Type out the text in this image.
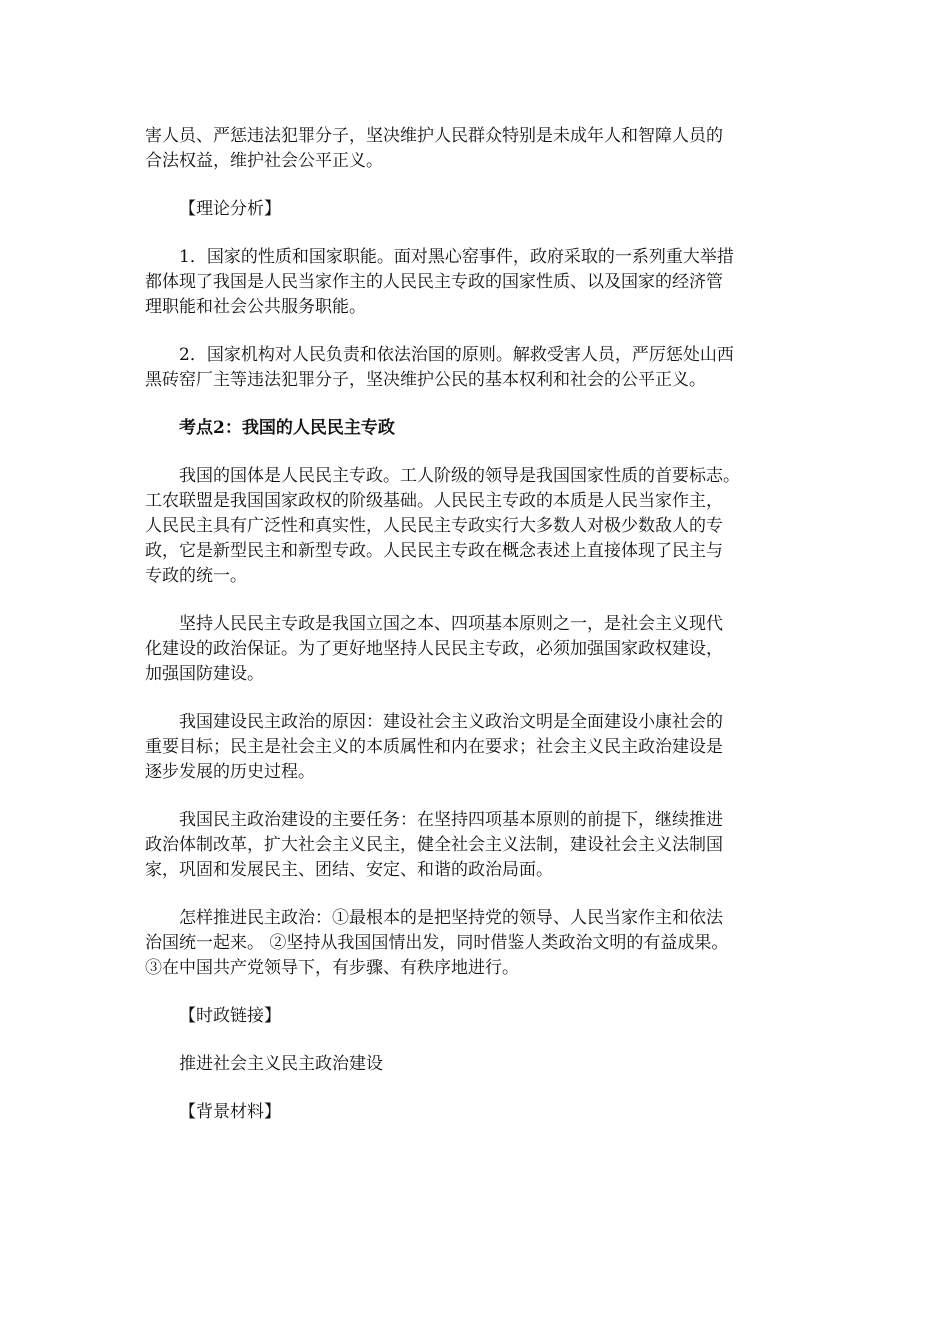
害人员、严惩违法犯罪分子，坚决维护人民群众特别是未成年人和智障人员的
合法权益，维护社会公平正义。
【理论分析】
1．国家的性质和国家职能。面对黑心窑事件，政府采取的一系列重大举措
都体现了我国是人民当家作主的人民民主专政的国家性质、以及国家的经济管
理职能和社会公共服务职能。
2．国家机构对人民负责和依法治国的原则。解救受害人员，严厉惩处山西
黑砖窑厂主等违法犯罪分子，坚决维护公民的基本权利和社会的公平正义。
考点2：我国的人民民主专政
我国的国体是人民民主专政。工人阶级的领导是我国国家性质的首要标志。
工农联盟是我国国家政权的阶级基础。人民民主专政的本质是人民当家作主，
人民民主具有广泛性和真实性，人民民主专政实行大多数人对极少数敌人的专
政，它是新型民主和新型专政。人民民主专政在概念表述上直接体现了民主与
专政的统一。
坚持人民民主专政是我国立国之本、四项基本原则之一，是社会主义现代
化建设的政治保证。为了更好地坚持人民民主专政，必须加强国家政权建设，
加强国防建设。
我国建设民主政治的原因：建设社会主义政治文明是全面建设小康社会的
重要目标；民主是社会主义的本质属性和内在要求；社会主义民主政治建设是
逐步发展的历史过程。
我国民主政治建设的主要任务：在坚持四项基本原则的前提下，继续推进
政治体制改革，扩大社会主义民主，健全社会主义法制，建设社会主义法制国
家，巩固和发展民主、团结、安定、和谐的政治局面。
怎样推进民主政治：①最根本的是把坚持党的领导、人民当家作主和依法
治国统一起来。 ②坚持从我国国情出发，同时借鉴人类政治文明的有益成果。
③在中国共产党领导下，有步骤、有秩序地进行。
【时政链接】
推进社会主义民主政治建设
【背景材料】
